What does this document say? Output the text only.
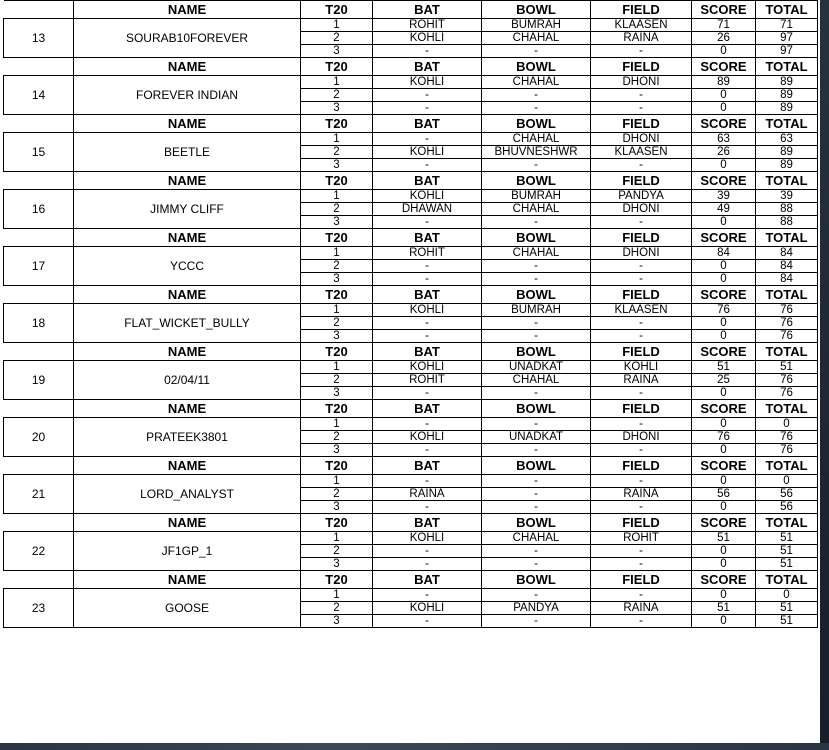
	NAME	T20	BAT	BOWL	FIELD	SCORE	TOTAL
13	SOURAB10FOREVER	1	ROHIT	BUMRAH	KLAASEN	71	71
		2	KOHLI	CHAHAL	RAINA	26	97
		3	-	-	-	0	97
	NAME	T20	BAT	BOWL	FIELD	SCORE	TOTAL
14	FOREVER INDIAN	1	KOHLI	CHAHAL	DHONI	89	89
		2	-	-	-	0	89
		3	-	-	-	0	89
	NAME	T20	BAT	BOWL	FIELD	SCORE	TOTAL
15	BEETLE	1	-	CHAHAL	DHONI	63	63
		2	KOHLI	BHUVNESHWR	KLAASEN	26	89
		3	-	-	-	0	89
	NAME	T20	BAT	BOWL	FIELD	SCORE	TOTAL
16	JIMMY CLIFF	1	KOHLI	BUMRAH	PANDYA	39	39
		2	DHAWAN	CHAHAL	DHONI	49	88
		3	-	-	-	0	88
	NAME	T20	BAT	BOWL	FIELD	SCORE	TOTAL
17	YCCC	1	ROHIT	CHAHAL	DHONI	84	84
		2	-	-	-	0	84
		3	-	-	-	0	84
	NAME	T20	BAT	BOWL	FIELD	SCORE	TOTAL
18	FLAT_WICKET_BULLY	1	KOHLI	BUMRAH	KLAASEN	76	76
		2	-	-	-	0	76
		3	-	-	-	0	76
	NAME	T20	BAT	BOWL	FIELD	SCORE	TOTAL
19	02/04/11	1	KOHLI	UNADKAT	KOHLI	51	51
		2	ROHIT	CHAHAL	RAINA	25	76
		3	-	-	-	0	76
	NAME	T20	BAT	BOWL	FIELD	SCORE	TOTAL
20	PRATEEK3801	1	-	-	-	0	0
		2	KOHLI	UNADKAT	DHONI	76	76
		3	-	-	-	0	76
	NAME	T20	BAT	BOWL	FIELD	SCORE	TOTAL
21	LORD_ANALYST	1	-	-	-	0	0
		2	RAINA	-	RAINA	56	56
		3	-	-	-	0	56
	NAME	T20	BAT	BOWL	FIELD	SCORE	TOTAL
22	JF1GP_1	1	KOHLI	CHAHAL	ROHIT	51	51
		2	-	-	-	0	51
		3	-	-	-	0	51
	NAME	T20	BAT	BOWL	FIELD	SCORE	TOTAL
23	GOOSE	1	-	-	-	0	0
		2	KOHLI	PANDYA	RAINA	51	51
		3	-	-	-	0	51
